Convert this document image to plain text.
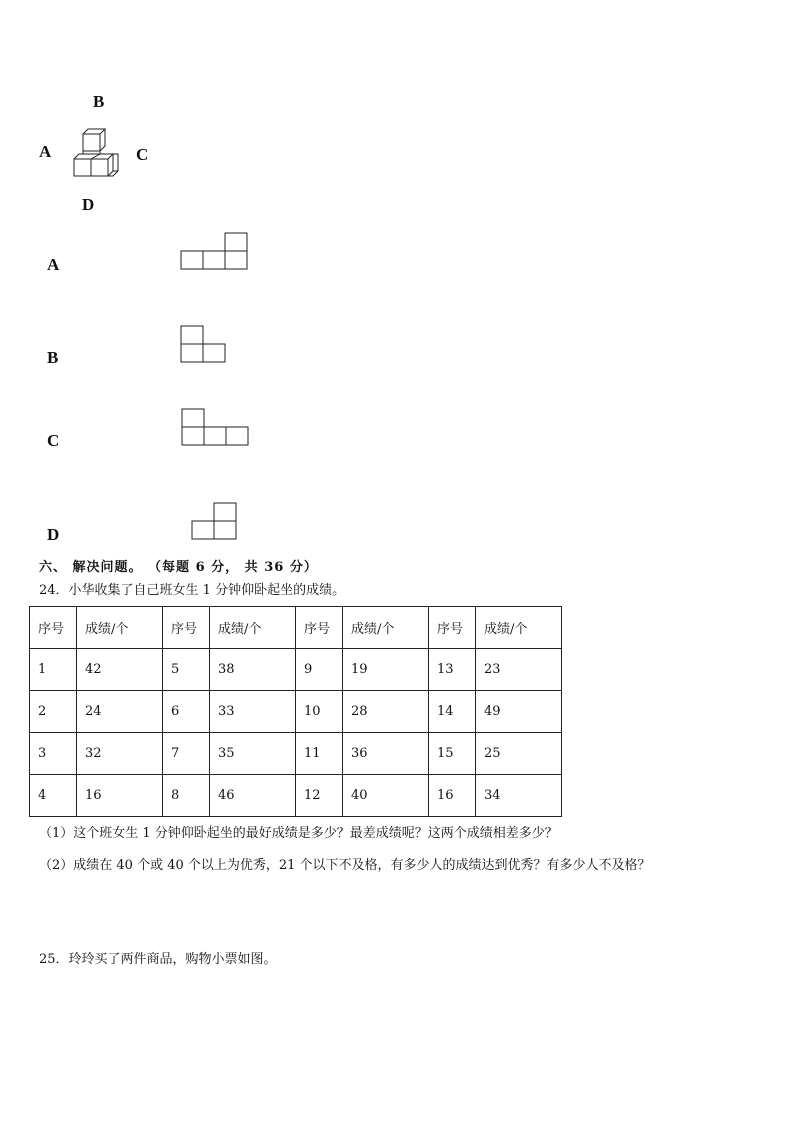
B
A	C
D
A
B
C
D
六、 解决问题。 （每题 6 分， 共 36 分）
24．小华收集了自己班女生 1 分钟仰卧起坐的成绩。
序号	成绩/个	序号	成绩/个	序号	成绩/个	序号	成绩/个
1	42	5	38	9	19	13	23
2	24	6	33	10	28	14	49
3	32	7	35	11	36	15	25
4	16	8	46	12	40	16	34
（1）这个班女生 1 分钟仰卧起坐的最好成绩是多少？最差成绩呢？这两个成绩相差多少？
（2）成绩在 40 个或 40 个以上为优秀，21 个以下不及格，有多少人的成绩达到优秀？有多少人不及格？
25．玲玲买了两件商品，购物小票如图。
